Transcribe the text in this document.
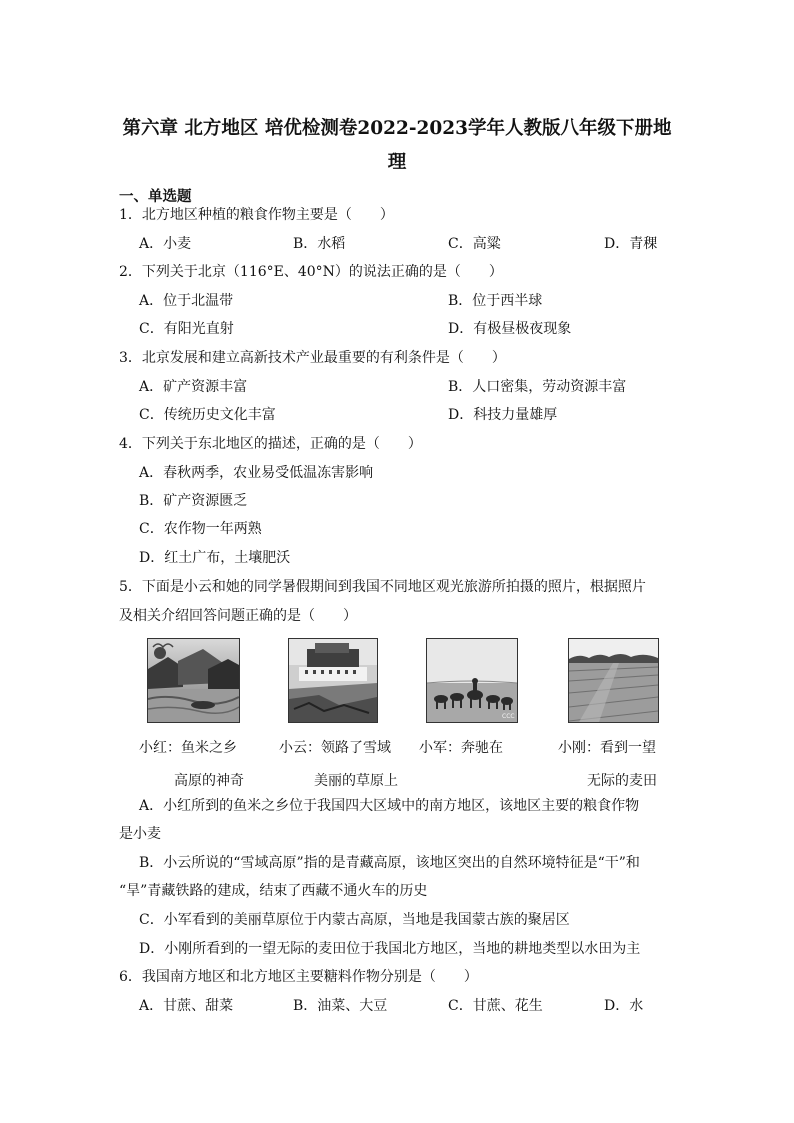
第六章 北方地区 培优检测卷2022-2023学年人教版八年级下册地
理
一、单选题
1．北方地区种植的粮食作物主要是（　　）
A．小麦	B．水稻	C．高粱	D．青稞
2．下列关于北京（116°E、40°N）的说法正确的是（　　）
A．位于北温带	B．位于西半球
C．有阳光直射	D．有极昼极夜现象
3．北京发展和建立高新技术产业最重要的有利条件是（　　）
A．矿产资源丰富	B．人口密集，劳动资源丰富
C．传统历史文化丰富	D．科技力量雄厚
4．下列关于东北地区的描述，正确的是（　　）
A．春秋两季，农业易受低温冻害影响
B．矿产资源匮乏
C．农作物一年两熟
D．红土广布，土壤肥沃
5．下面是小云和她的同学暑假期间到我国不同地区观光旅游所拍摄的照片，根据照片
及相关介绍回答问题正确的是（　　）
CCC
小红：鱼米之乡	小云：领路了雪域
高原的神奇
小军：奔驰在
美丽的草原上
小刚：看到一望
无际的麦田
A．小红所到的鱼米之乡位于我国四大区域中的南方地区，该地区主要的粮食作物
是小麦
B．小云所说的“雪域高原”指的是青藏高原，该地区突出的自然环境特征是“干”和
“旱”青藏铁路的建成，结束了西藏不通火车的历史
C．小军看到的美丽草原位于内蒙古高原，当地是我国蒙古族的聚居区
D．小刚所看到的一望无际的麦田位于我国北方地区，当地的耕地类型以水田为主
6．我国南方地区和北方地区主要糖料作物分别是（　　）
A．甘蔗、甜菜	B．油菜、大豆	C．甘蔗、花生	D．水
